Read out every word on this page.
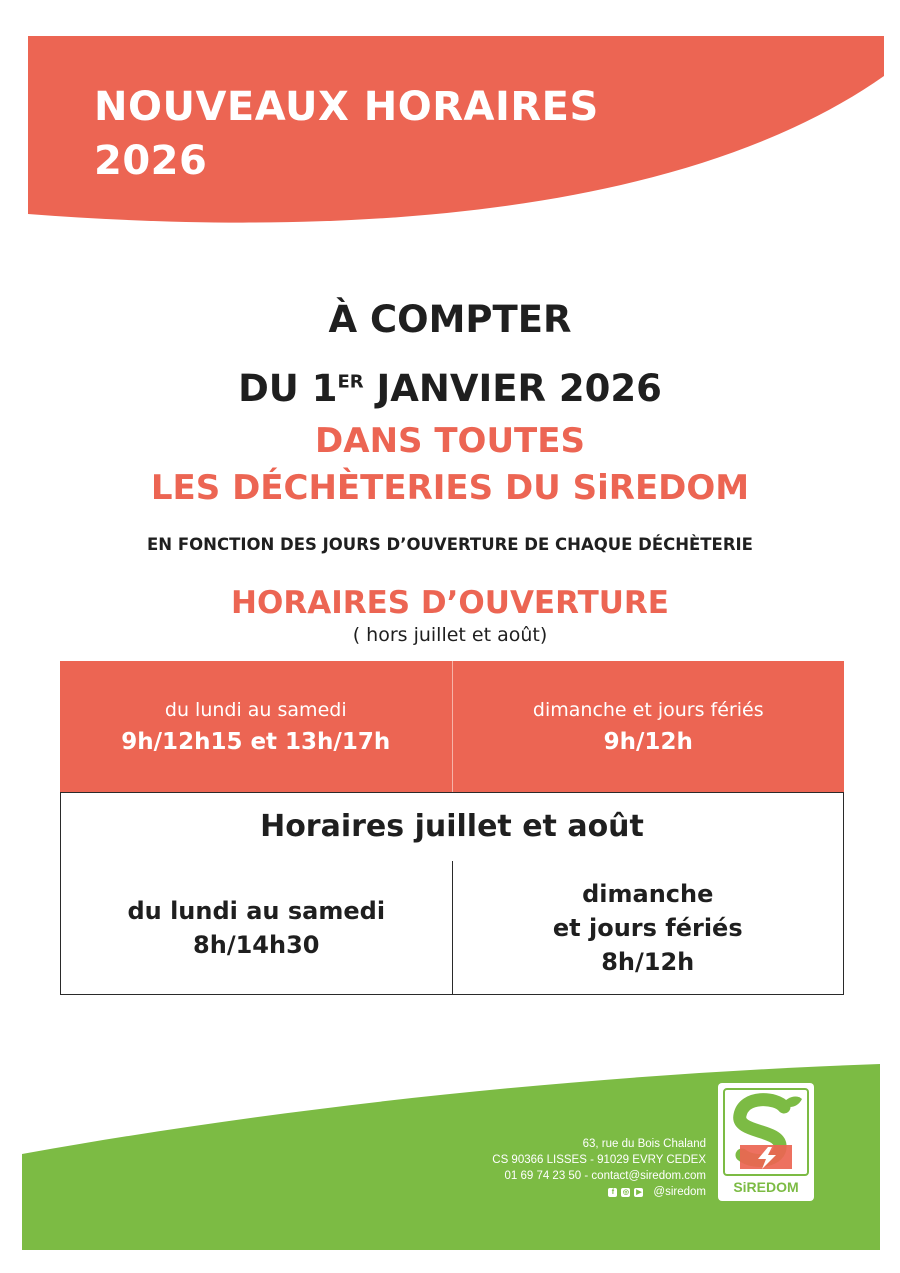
NOUVEAUX HORAIRES
2026

À COMPTER

DU 1ER JANVIER 2026

DANS TOUTES

LES DÉCHÈTERIES DU SiREDOM

EN FONCTION DES JOURS D’OUVERTURE DE CHAQUE DÉCHÈTERIE

HORAIRES D’OUVERTURE

( hors juillet et août)

du lundi au samedi
9h/12h15 et 13h/17h
dimanche et jours fériés
9h/12h

Horaires juillet et août

du lundi au samedi
8h/14h30
dimanche
et jours fériés
8h/12h
63, rue du Bois Chaland
CS 90366 LISSES - 91029 EVRY CEDEX
01 69 74 23 50 - contact@siredom.com
f	◎ ▶ @siredom	SiREDOM
